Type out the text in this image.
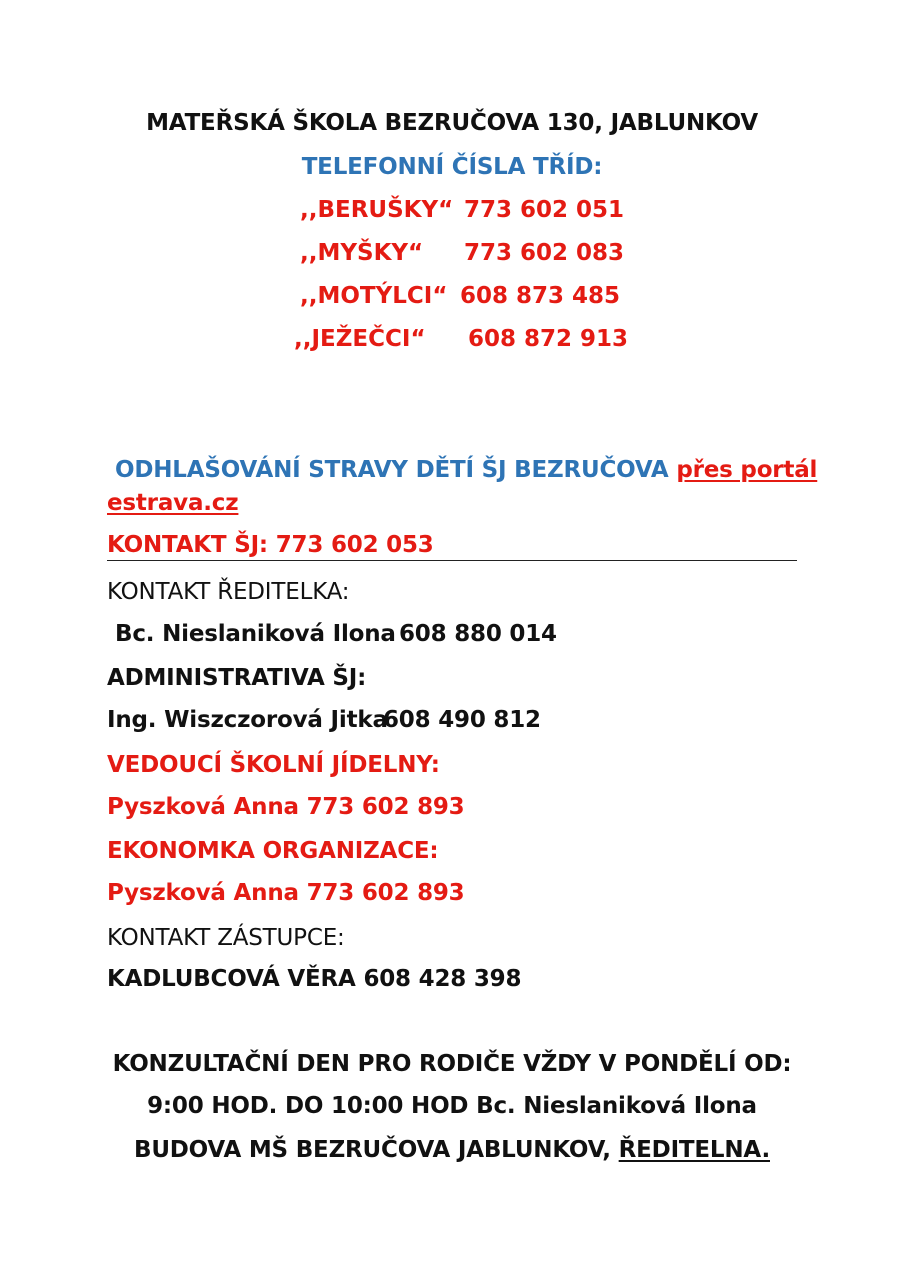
MATEŘSKÁ ŠKOLA BEZRUČOVA 130, JABLUNKOV
TELEFONNÍ ČÍSLA TŘÍD:
,,BERUŠKY“ 773 602 051
,,MYŠKY“ 773 602 083
,,MOTÝLCI“ 608 873 485
,,JEŽEČCI“ 608 872 913
ODHLAŠOVÁNÍ STRAVY DĚTÍ ŠJ BEZRUČOVA přes portál
estrava.cz
KONTAKT ŠJ: 773 602 053
KONTAKT ŘEDITELKA:
Bc. Nieslaniková Ilona 608 880 014
ADMINISTRATIVA ŠJ:
Ing. Wiszczorová Jitka
608 490 812
VEDOUCÍ ŠKOLNÍ JÍDELNY:
Pyszková Anna 773 602 893
EKONOMKA ORGANIZACE:
Pyszková Anna 773 602 893
KONTAKT ZÁSTUPCE:
KADLUBCOVÁ VĚRA 608 428 398
KONZULTAČNÍ DEN PRO RODIČE VŽDY V PONDĚLÍ OD:
9:00 HOD. DO 10:00 HOD Bc. Nieslaniková Ilona
BUDOVA MŠ BEZRUČOVA JABLUNKOV, ŘEDITELNA.
